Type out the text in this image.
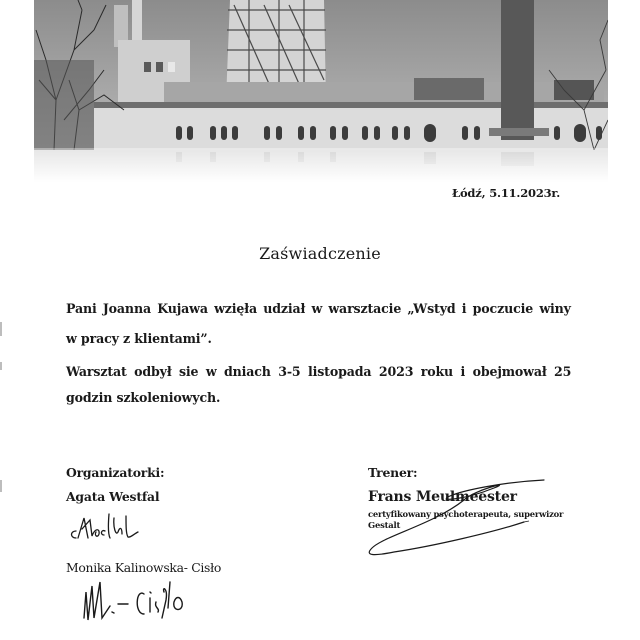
Łódź, 5.11.2023r.
Zaświadczenie
Pani Joanna Kujawa wzięła udział w warsztacie „Wstyd i poczucie winy
w pracy z klientami”.
Warsztat odbył sie w dniach 3-5 listopada 2023 roku i obejmował 25
godzin szkoleniowych.
Organizatorki:
Agata Westfal
Monika Kalinowska- Cisło
Trener:
Frans Meulmeester
certyfikowany psychoterapeuta, superwizor Gestalt
